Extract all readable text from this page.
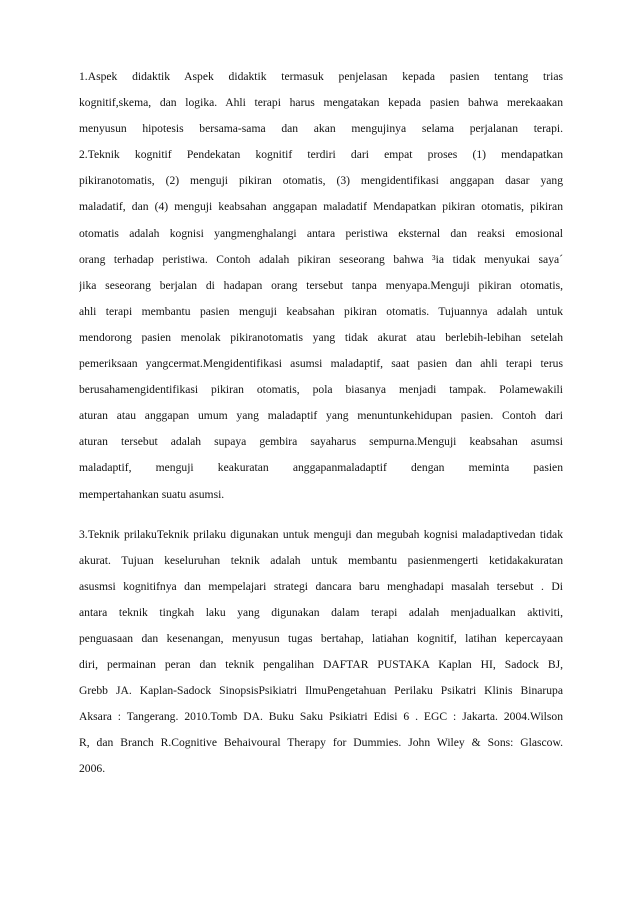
1.Aspek didaktik Aspek didaktik termasuk penjelasan kepada pasien tentang trias
kognitif,skema, dan logika. Ahli terapi harus mengatakan kepada pasien bahwa merekaakan
menyusun hipotesis bersama-sama dan akan mengujinya selama perjalanan terapi.
2.Teknik kognitif Pendekatan kognitif terdiri dari empat proses (1) mendapatkan
pikiranotomatis, (2) menguji pikiran otomatis, (3) mengidentifikasi anggapan dasar yang
maladatif, dan (4) menguji keabsahan anggapan maladatif Mendapatkan pikiran otomatis, pikiran
otomatis adalah kognisi yangmenghalangi antara peristiwa eksternal dan reaksi emosional
orang terhadap peristiwa. Contoh adalah pikiran seseorang bahwa ³ia tidak menyukai saya´
jika seseorang berjalan di hadapan orang tersebut tanpa menyapa.Menguji pikiran otomatis,
ahli terapi membantu pasien menguji keabsahan pikiran otomatis. Tujuannya adalah untuk
mendorong pasien menolak pikiranotomatis yang tidak akurat atau berlebih-lebihan setelah
pemeriksaan yangcermat.Mengidentifikasi asumsi maladaptif, saat pasien dan ahli terapi terus
berusahamengidentifikasi pikiran otomatis, pola biasanya menjadi tampak. Polamewakili
aturan atau anggapan umum yang maladaptif yang menuntunkehidupan pasien. Contoh dari
aturan tersebut adalah supaya gembira sayaharus sempurna.Menguji keabsahan asumsi
maladaptif, menguji keakuratan anggapanmaladaptif dengan meminta pasien
mempertahankan suatu asumsi.
3.Teknik prilakuTeknik prilaku digunakan untuk menguji dan megubah kognisi maladaptivedan tidak
akurat. Tujuan keseluruhan teknik adalah untuk membantu pasienmengerti ketidakakuratan
asusmsi kognitifnya dan mempelajari strategi dancara baru menghadapi masalah tersebut . Di
antara teknik tingkah laku yang digunakan dalam terapi adalah menjadualkan aktiviti,
penguasaan dan kesenangan, menyusun tugas bertahap, latiahan kognitif, latihan kepercayaan
diri, permainan peran dan teknik pengalihan DAFTAR PUSTAKA Kaplan HI, Sadock BJ,
Grebb JA. Kaplan-Sadock SinopsisPsikiatri IlmuPengetahuan Perilaku Psikatri Klinis Binarupa
Aksara : Tangerang. 2010.Tomb DA. Buku Saku Psikiatri Edisi 6 . EGC : Jakarta. 2004.Wilson
R, dan Branch R.Cognitive Behaivoural Therapy for Dummies. John Wiley & Sons: Glascow.
2006.
